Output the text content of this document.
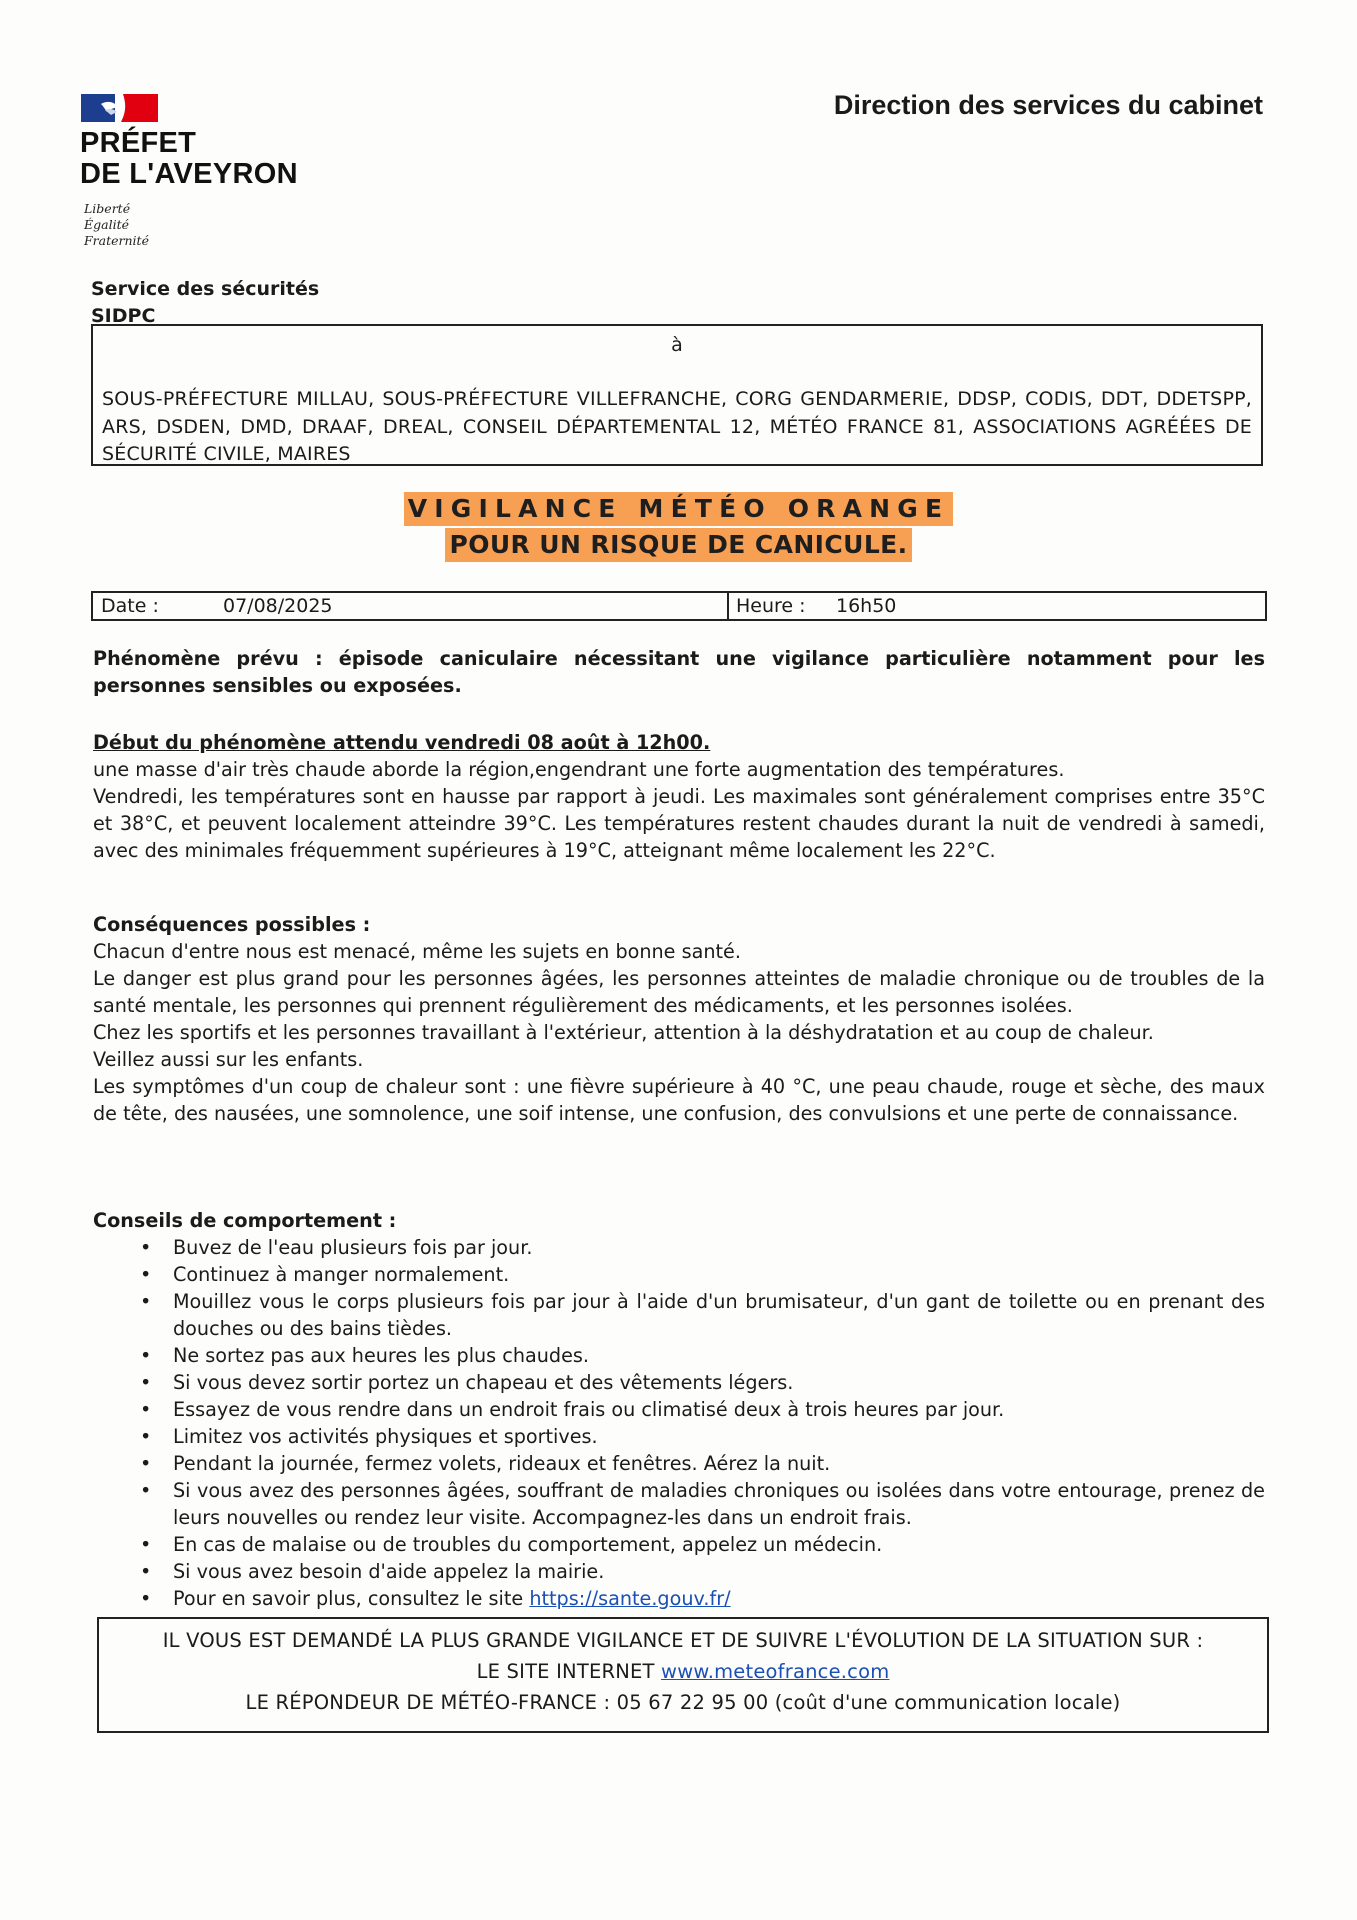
PRÉFET
DE L'AVEYRON
Liberté
Égalité
Fraternité
Direction des services du cabinet
Service des sécurités
SIDPC
à
SOUS-PRÉFECTURE MILLAU, SOUS-PRÉFECTURE VILLEFRANCHE, CORG GENDARMERIE, DDSP, CODIS, DDT, DDETSPP, ARS, DSDEN, DMD, DRAAF, DREAL, CONSEIL DÉPARTEMENTAL 12, MÉTÉO FRANCE 81, ASSOCIATIONS AGRÉÉES DE SÉCURITÉ CIVILE, MAIRES
VIGILANCE MÉTÉO ORANGE
POUR UN RISQUE DE CANICULE.
Date :	07/08/2025	Heure : 16h50
Phénomène prévu : épisode caniculaire nécessitant une vigilance particulière notamment pour les personnes sensibles ou exposées.
Début du phénomène attendu vendredi 08 août à 12h00.
une masse d'air très chaude aborde la région,engendrant une forte augmentation des températures.
Vendredi, les températures sont en hausse par rapport à jeudi. Les maximales sont généralement comprises entre 35°C et 38°C, et peuvent localement atteindre 39°C. Les températures restent chaudes durant la nuit de vendredi à samedi, avec des minimales fréquemment supérieures à 19°C, atteignant même localement les 22°C.
Conséquences possibles :
Chacun d'entre nous est menacé, même les sujets en bonne santé.
Le danger est plus grand pour les personnes âgées, les personnes atteintes de maladie chronique ou de troubles de la santé mentale, les personnes qui prennent régulièrement des médicaments, et les personnes isolées.
Chez les sportifs et les personnes travaillant à l'extérieur, attention à la déshydratation et au coup de chaleur.
Veillez aussi sur les enfants.
Les symptômes d'un coup de chaleur sont : une fièvre supérieure à 40 °C, une peau chaude, rouge et sèche, des maux de tête, des nausées, une somnolence, une soif intense, une confusion, des convulsions et une perte de connaissance.
Conseils de comportement :
• Buvez de l'eau plusieurs fois par jour.
• Continuez à manger normalement.
• Mouillez vous le corps plusieurs fois par jour à l'aide d'un brumisateur, d'un gant de toilette ou en prenant des douches ou des bains tièdes.
• Ne sortez pas aux heures les plus chaudes.
• Si vous devez sortir portez un chapeau et des vêtements légers.
• Essayez de vous rendre dans un endroit frais ou climatisé deux à trois heures par jour.
• Limitez vos activités physiques et sportives.
• Pendant la journée, fermez volets, rideaux et fenêtres. Aérez la nuit.
• Si vous avez des personnes âgées, souffrant de maladies chroniques ou isolées dans votre entourage, prenez de leurs nouvelles ou rendez leur visite. Accompagnez-les dans un endroit frais.
• En cas de malaise ou de troubles du comportement, appelez un médecin.
• Si vous avez besoin d'aide appelez la mairie.
• Pour en savoir plus, consultez le site https://sante.gouv.fr/
IL VOUS EST DEMANDÉ LA PLUS GRANDE VIGILANCE ET DE SUIVRE L'ÉVOLUTION DE LA SITUATION SUR :
LE SITE INTERNET www.meteofrance.com
LE RÉPONDEUR DE MÉTÉO-FRANCE : 05 67 22 95 00 (coût d'une communication locale)
